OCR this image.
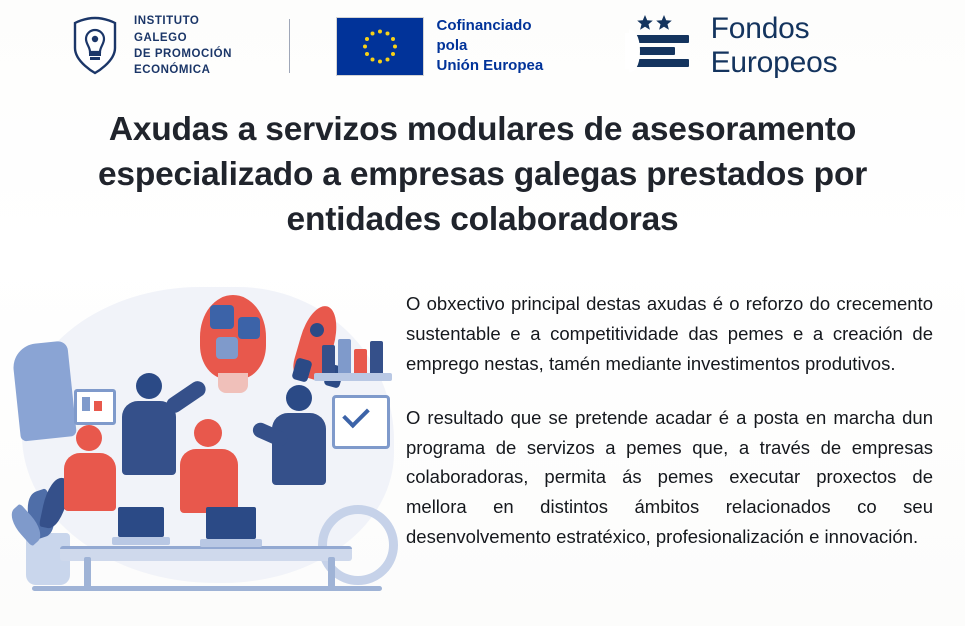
INSTITUTO GALEGO
DE PROMOCIÓN
ECONÓMICA
Cofinanciado pola
Unión Europea
Fondos Europeos
Axudas a servizos modulares de asesoramento especializado a empresas galegas prestados por entidades colaboradoras

O obxectivo principal destas axudas é o reforzo do crecemento sustentable e a competitividade das pemes e a creación de emprego nestas, tamén mediante investimentos produtivos.

O resultado que se pretende acadar é a posta en marcha dun programa de servizos a pemes que, a través de empresas colaboradoras, permita ás pemes executar proxectos de mellora en distintos ámbitos relacionados co seu desenvolvemento estratéxico, profesionalización e innovación.
